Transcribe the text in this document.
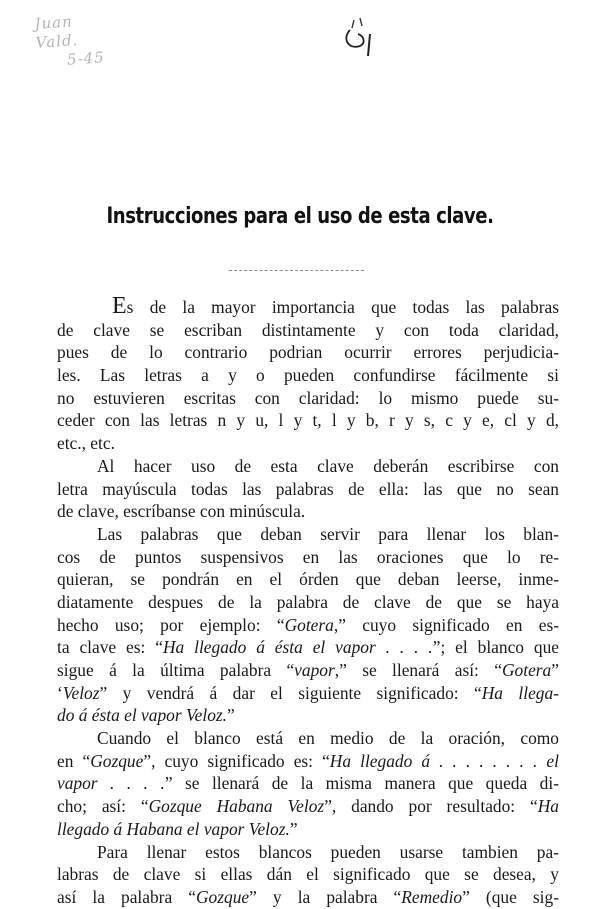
Juan
Vald.
5-45
Instrucciones para el uso de esta clave.
Es de la mayor importancia que todas las palabras
de clave se escriban distintamente y con toda claridad,
pues de lo contrario podrian ocurrir errores perjudicia-
les. Las letras a y o pueden confundirse fácilmente si
no estuvieren escritas con claridad: lo mismo puede su-
ceder con las letras n y u, l y t, l y b, r y s, c y e, cl y d,
etc., etc.
Al hacer uso de esta clave deberán escribirse con
letra mayúscula todas las palabras de ella: las que no sean
de clave, escríbanse con minúscula.
Las palabras que deban servir para llenar los blan-
cos de puntos suspensivos en las oraciones que lo re-
quieran, se pondrán en el órden que deban leerse, inme-
diatamente despues de la palabra de clave de que se haya
hecho uso; por ejemplo: “Gotera,” cuyo significado en es-
ta clave es: “Ha llegado á ésta el vapor . . . .”; el blanco que
sigue á la última palabra “vapor,” se llenará así: “Gotera”
‘Veloz” y vendrá á dar el siguiente significado: “Ha llega-
do á ésta el vapor Veloz.”
Cuando el blanco está en medio de la oración, como
en “Gozque”, cuyo significado es: “Ha llegado á . . . . . . . . el
vapor . . . .” se llenará de la misma manera que queda di-
cho; así: “Gozque Habana Veloz”, dando por resultado: “Ha
llegado á Habana el vapor Veloz.”
Para llenar estos blancos pueden usarse tambien pa-
labras de clave si ellas dán el significado que se desea, y
así la palabra “Gozque” y la palabra “Remedio” (que sig-
